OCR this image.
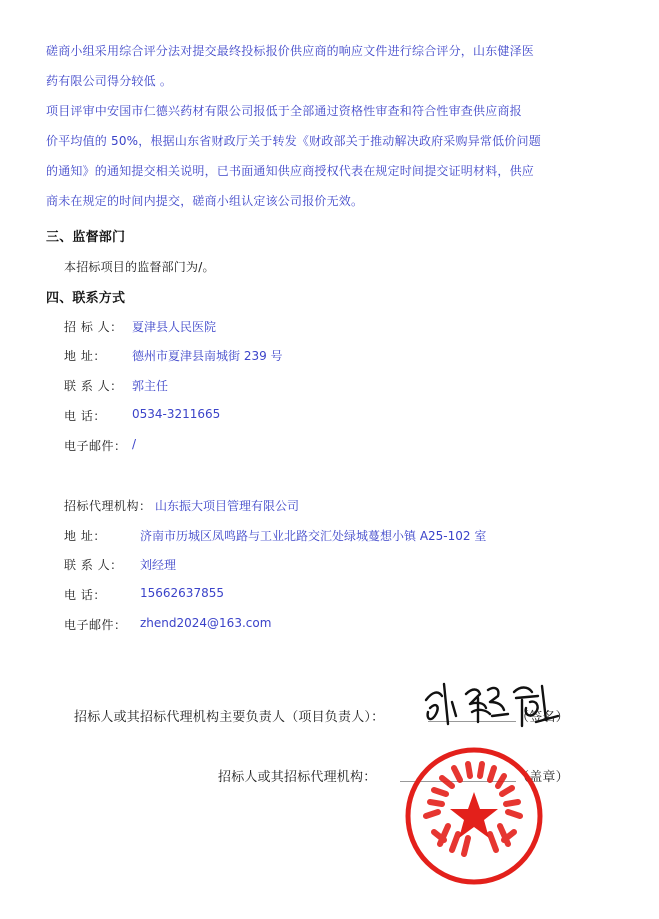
磋商小组采用综合评分法对提交最终投标报价供应商的响应文件进行综合评分，山东健泽医
药有限公司得分较低 。
项目评审中安国市仁德兴药材有限公司报低于全部通过资格性审查和符合性审查供应商报
价平均值的 50%，根据山东省财政厅关于转发《财政部关于推动解决政府采购异常低价问题
的通知》的通知提交相关说明，已书面通知供应商授权代表在规定时间提交证明材料，供应
商未在规定的时间内提交，磋商小组认定该公司报价无效。
三、监督部门
本招标项目的监督部门为/。
四、联系方式
招 标 人： 夏津县人民医院
地 址： 德州市夏津县南城街 239 号
联 系 人： 郭主任
电 话： 0534-3211665
电子邮件： /
招标代理机构： 山东振大项目管理有限公司
地 址：	济南市历城区凤鸣路与工业北路交汇处绿城蔓想小镇 A25-102 室
联 系 人： 刘经理
电 话：	15662637855
电子邮件： zhend2024@163.com
招标人或其招标代理机构主要负责人（项目负责人）：	（签名）
招标人或其招标代理机构：	（盖章）
